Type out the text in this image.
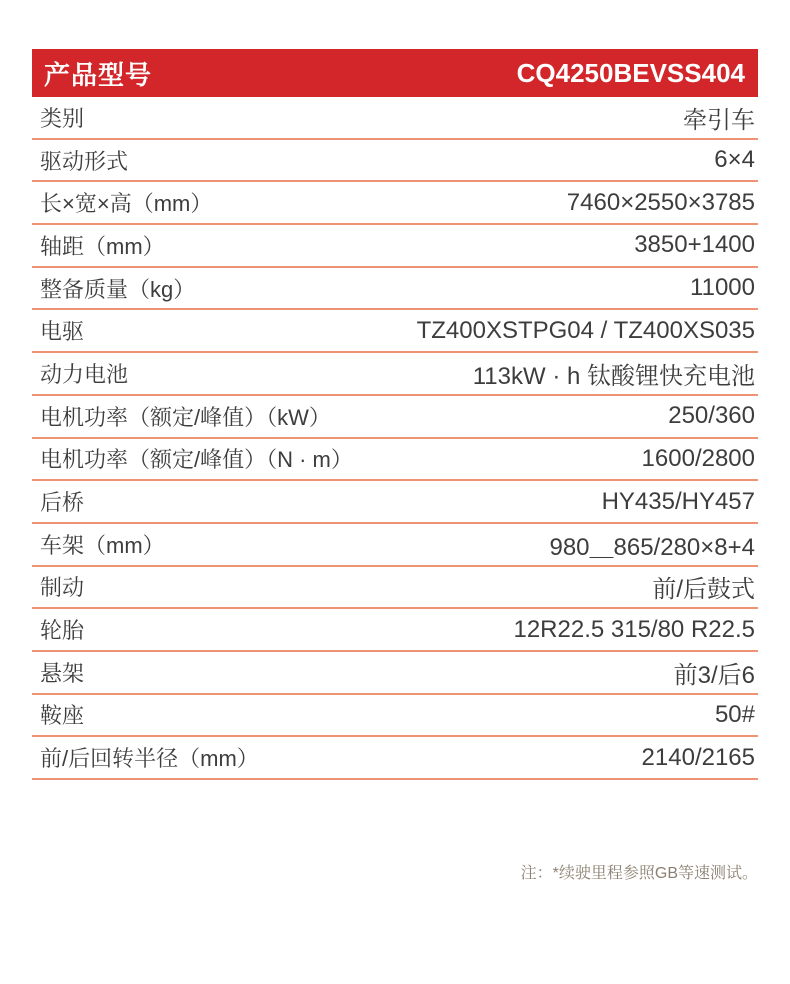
产品型号	CQ4250BEVSS404
类别	牵引车
驱动形式	6×4
长×宽×高（mm）	7460×2550×3785
轴距（mm）	3850+1400
整备质量（kg）	11000
电驱	TZ400XSTPG04 / TZ400XS035
动力电池	113kW · h 钛酸锂快充电池
电机功率（额定/峰值）（kW）	250/360
电机功率（额定/峰值）（N · m）	1600/2800
后桥	HY435/HY457
车架（mm）	980＿865/280×8+4
制动	前/后鼓式
轮胎	12R22.5 315/80 R22.5
悬架	前3/后6
鞍座	50#
前/后回转半径（mm）	2140/2165
注：*续驶里程参照GB等速测试。
